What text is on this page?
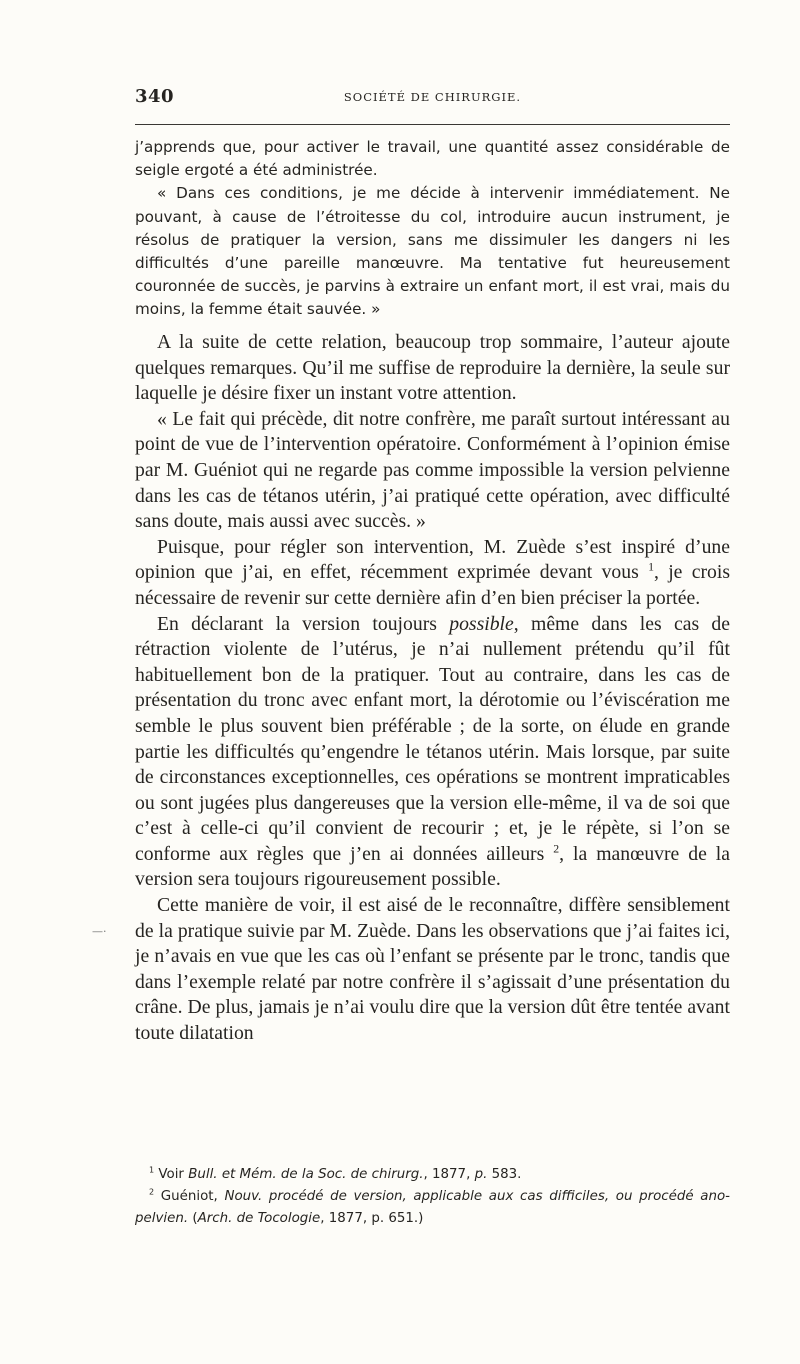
340	SOCIÉTÉ DE CHIRURGIE.

j’apprends que, pour activer le travail, une quantité assez considérable de seigle ergoté a été administrée.

« Dans ces conditions, je me décide à intervenir immédiatement. Ne pouvant, à cause de l’étroitesse du col, introduire aucun instrument, je résolus de pratiquer la version, sans me dissimuler les dangers ni les difficultés d’une pareille manœuvre. Ma tentative fut heureusement couronnée de succès, je parvins à extraire un enfant mort, il est vrai, mais du moins, la femme était sauvée. »

A la suite de cette relation, beaucoup trop sommaire, l’auteur ajoute quelques remarques. Qu’il me suffise de reproduire la dernière, la seule sur laquelle je désire fixer un instant votre attention.

« Le fait qui précède, dit notre confrère, me paraît surtout intéressant au point de vue de l’intervention opératoire. Conformément à l’opinion émise par M. Guéniot qui ne regarde pas comme impossible la version pelvienne dans les cas de tétanos utérin, j’ai pratiqué cette opération, avec difficulté sans doute, mais aussi avec succès. »

Puisque, pour régler son intervention, M. Zuède s’est inspiré d’une opinion que j’ai, en effet, récemment exprimée devant vous $^1$, je crois nécessaire de revenir sur cette dernière afin d’en bien préciser la portée.

En déclarant la version toujours possible, même dans les cas de rétraction violente de l’utérus, je n’ai nullement prétendu qu’il fût habituellement bon de la pratiquer. Tout au contraire, dans les cas de présentation du tronc avec enfant mort, la dérotomie ou l’éviscération me semble le plus souvent bien préférable ; de la sorte, on élude en grande partie les difficultés qu’engendre le tétanos utérin. Mais lorsque, par suite de circonstances exceptionnelles, ces opérations se montrent impraticables ou sont jugées plus dangereuses que la version elle-même, il va de soi que c’est à celle-ci qu’il convient de recourir ; et, je le répète, si l’on se conforme aux règles que j’en ai données ailleurs $^2$, la manœuvre de la version sera toujours rigoureusement possible.

Cette manière de voir, il est aisé de le reconnaître, diffère sensiblement de la pratique suivie par M. Zuède. Dans les observations que j’ai faites ici, je n’avais en vue que les cas où l’enfant se présente par le tronc, tandis que dans l’exemple relaté par notre confrère il s’agissait d’une présentation du crâne. De plus, jamais je n’ai voulu dire que la version dût être tentée avant toute dilatation

—·

$^1$ Voir Bull. et Mém. de la Soc. de chirurg., 1877, p. 583.

$^2$ Guéniot, Nouv. procédé de version, applicable aux cas difficiles, ou procédé ano-pelvien. (Arch. de Tocologie, 1877, p. 651.)
